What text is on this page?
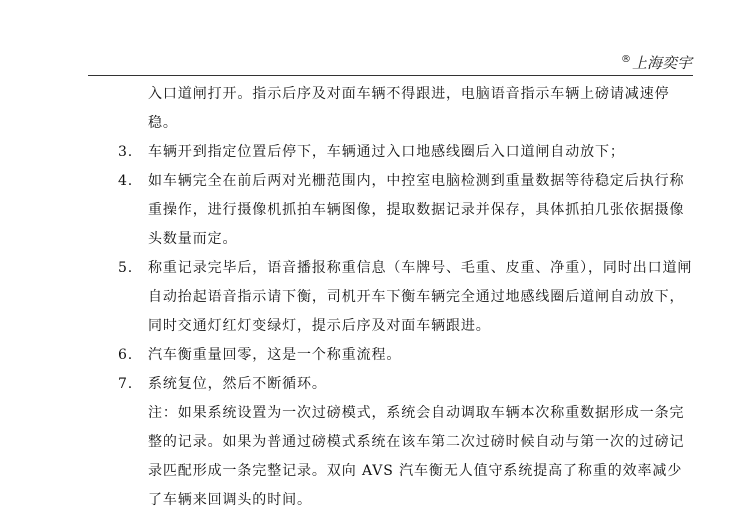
®上海奕宇
入口道闸打开。指示后序及对面车辆不得跟进，电脑语音指示车辆上磅请减速停稳。
3.	车辆开到指定位置后停下，车辆通过入口地感线圈后入口道闸自动放下；
4.	如车辆完全在前后两对光栅范围内，中控室电脑检测到重量数据等待稳定后执行称重操作，进行摄像机抓拍车辆图像，提取数据记录并保存，具体抓拍几张依据摄像头数量而定。
5.	称重记录完毕后，语音播报称重信息（车牌号、毛重、皮重、净重），同时出口道闸自动抬起语音指示请下衡，司机开车下衡车辆完全通过地感线圈后道闸自动放下，同时交通灯红灯变绿灯，提示后序及对面车辆跟进。
6.	汽车衡重量回零，这是一个称重流程。
7.	系统复位，然后不断循环。
注：如果系统设置为一次过磅模式，系统会自动调取车辆本次称重数据形成一条完整的记录。如果为普通过磅模式系统在该车第二次过磅时候自动与第一次的过磅记录匹配形成一条完整记录。双向 AVS 汽车衡无人值守系统提高了称重的效率减少了车辆来回调头的时间。
